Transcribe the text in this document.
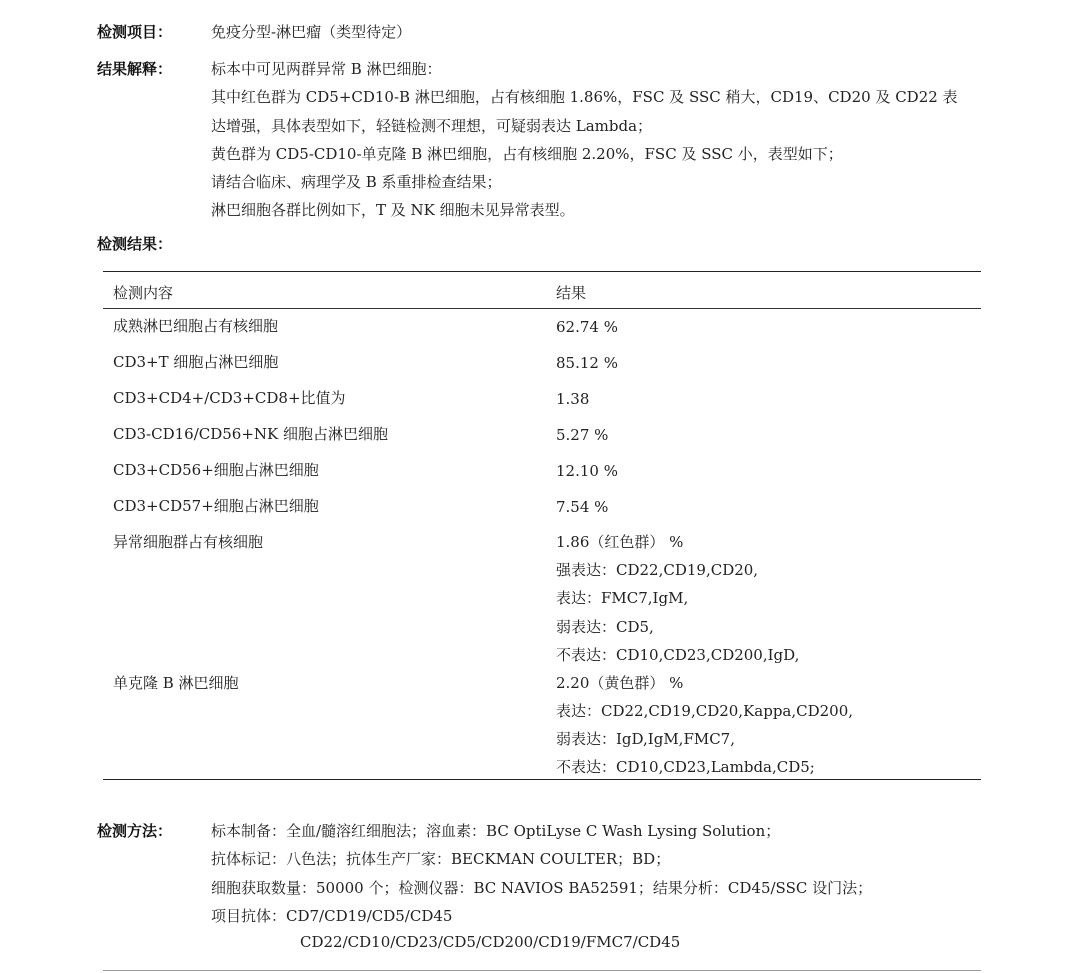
检测项目：	免疫分型-淋巴瘤（类型待定）
结果解释：	标本中可见两群异常 B 淋巴细胞：
其中红色群为 CD5+CD10-B 淋巴细胞，占有核细胞 1.86%，FSC 及 SSC 稍大，CD19、CD20 及 CD22 表
达增强，具体表型如下，轻链检测不理想，可疑弱表达 Lambda；
黄色群为 CD5-CD10-单克隆 B 淋巴细胞，占有核细胞 2.20%，FSC 及 SSC 小，表型如下；
请结合临床、病理学及 B 系重排检查结果；
淋巴细胞各群比例如下，T 及 NK 细胞未见异常表型。
检测结果：
检测内容	结果
成熟淋巴细胞占有核细胞	62.74 %
CD3+T 细胞占淋巴细胞	85.12 %
CD3+CD4+/CD3+CD8+比值为	1.38
CD3-CD16/CD56+NK 细胞占淋巴细胞	5.27 %
CD3+CD56+细胞占淋巴细胞	12.10 %
CD3+CD57+细胞占淋巴细胞	7.54 %
异常细胞群占有核细胞	1.86（红色群） %
强表达：CD22,CD19,CD20,
表达：FMC7,IgM,
弱表达：CD5,
不表达：CD10,CD23,CD200,IgD,
单克隆 B 淋巴细胞	2.20（黄色群） %
表达：CD22,CD19,CD20,Kappa,CD200,
弱表达：IgD,IgM,FMC7,
不表达：CD10,CD23,Lambda,CD5;
检测方法：	标本制备：全血/髓溶红细胞法；溶血素：BC OptiLyse C Wash Lysing Solution；
抗体标记：八色法；抗体生产厂家：BECKMAN COULTER；BD；
细胞获取数量：50000 个；检测仪器：BC NAVIOS BA52591；结果分析：CD45/SSC 设门法；
项目抗体：CD7/CD19/CD5/CD45
CD22/CD10/CD23/CD5/CD200/CD19/FMC7/CD45
